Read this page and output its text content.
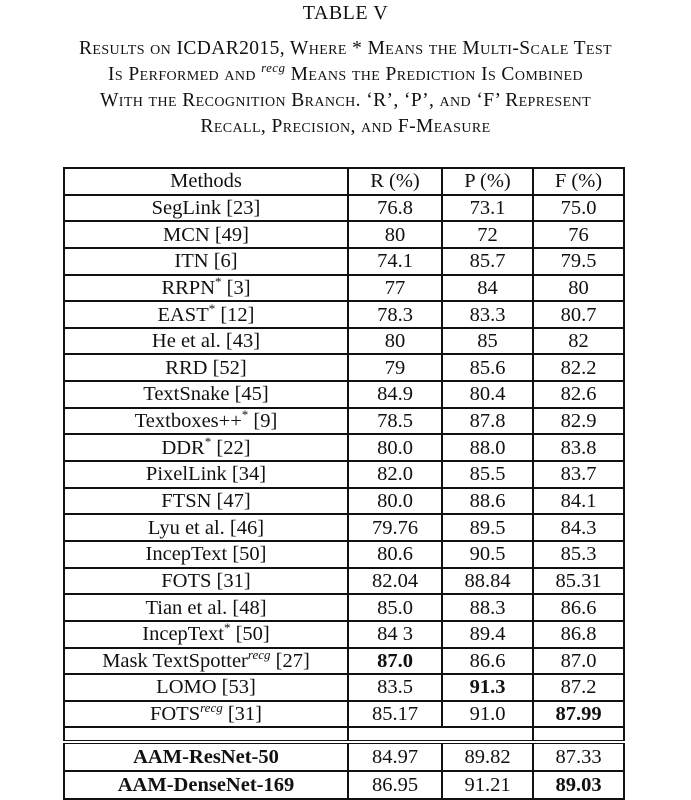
TABLE V
Results on ICDAR2015, Where * Means the Multi-Scale Test
Is Performed and $^{recg}$ Means the Prediction Is Combined
With the Recognition Branch. ‘R’, ‘P’, and ‘F’ Represent
Recall, Precision, and F-Measure
Methods	R (%)	P (%)	F (%)
SegLink [23]	76.8	73.1	75.0
MCN [49]	80	72	76
ITN [6]	74.1	85.7	79.5
RRPN* [3]	77	84	80
EAST* [12]	78.3	83.3	80.7
He et al. [43]	80	85	82
RRD [52]	79	85.6	82.2
TextSnake [45]	84.9	80.4	82.6
Textboxes++* [9]	78.5	87.8	82.9
DDR* [22]	80.0	88.0	83.8
PixelLink [34]	82.0	85.5	83.7
FTSN [47]	80.0	88.6	84.1
Lyu et al. [46]	79.76	89.5	84.3
IncepText [50]	80.6	90.5	85.3
FOTS [31]	82.04	88.84	85.31
Tian et al. [48]	85.0	88.3	86.6
IncepText* [50]	84 3	89.4	86.8
Mask TextSpotter$^{recg}$ [27]	87.0	86.6	87.0
LOMO [53]	83.5	91.3	87.2
$FOTS^{recg}$ [31]	85.17	91.0	87.99

AAM-ResNet-50	84.97	89.82	87.33
AAM-DenseNet-169	86.95	91.21	89.03
